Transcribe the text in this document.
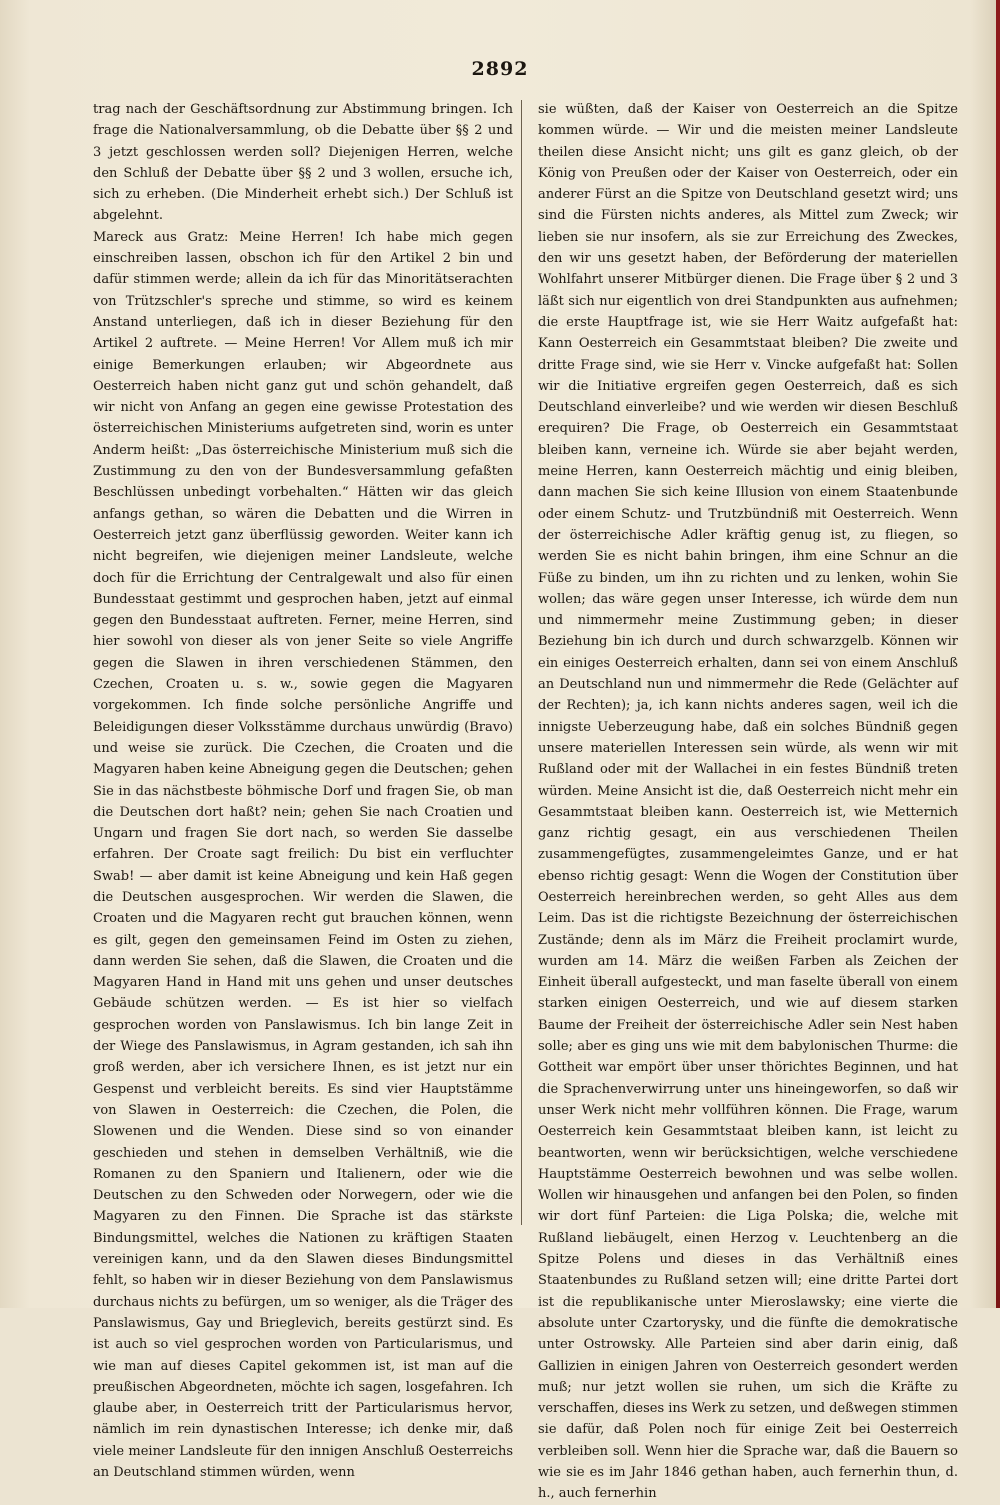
2892

trag nach der Geschäftsordnung zur Abstimmung bringen. Ich frage die Nationalversammlung, ob die Debatte über §§ 2 und 3 jetzt geschlossen werden soll? Diejenigen Herren, welche den Schluß der Debatte über §§ 2 und 3 wollen, ersuche ich, sich zu erheben. (Die Minderheit erhebt sich.) Der Schluß ist abgelehnt.

Mareck aus Gratz: Meine Herren! Ich habe mich gegen einschreiben lassen, obschon ich für den Artikel 2 bin und dafür stimmen werde; allein da ich für das Minoritätserachten von Trützschler's spreche und stimme, so wird es keinem Anstand unterliegen, daß ich in dieser Beziehung für den Artikel 2 auftrete. — Meine Herren! Vor Allem muß ich mir einige Bemerkungen erlauben; wir Abgeordnete aus Oesterreich haben nicht ganz gut und schön gehandelt, daß wir nicht von Anfang an gegen eine gewisse Protestation des österreichischen Ministeriums aufgetreten sind, worin es unter Anderm heißt: „Das österreichische Ministerium muß sich die Zustimmung zu den von der Bundesversammlung gefaßten Beschlüssen unbedingt vorbehalten.“ Hätten wir das gleich anfangs gethan, so wären die Debatten und die Wirren in Oesterreich jetzt ganz überflüssig geworden. Weiter kann ich nicht begreifen, wie diejenigen meiner Landsleute, welche doch für die Errichtung der Centralgewalt und also für einen Bundesstaat gestimmt und gesprochen haben, jetzt auf einmal gegen den Bundesstaat auftreten. Ferner, meine Herren, sind hier sowohl von dieser als von jener Seite so viele Angriffe gegen die Slawen in ihren verschiedenen Stämmen, den Czechen, Croaten u. s. w., sowie gegen die Magyaren vorgekommen. Ich finde solche persönliche Angriffe und Beleidigungen dieser Volksstämme durchaus unwürdig (Bravo) und weise sie zurück. Die Czechen, die Croaten und die Magyaren haben keine Abneigung gegen die Deutschen; gehen Sie in das nächstbeste böhmische Dorf und fragen Sie, ob man die Deutschen dort haßt? nein; gehen Sie nach Croatien und Ungarn und fragen Sie dort nach, so werden Sie dasselbe erfahren. Der Croate sagt freilich: Du bist ein verfluchter Swab! — aber damit ist keine Abneigung und kein Haß gegen die Deutschen ausgesprochen. Wir werden die Slawen, die Croaten und die Magyaren recht gut brauchen können, wenn es gilt, gegen den gemeinsamen Feind im Osten zu ziehen, dann werden Sie sehen, daß die Slawen, die Croaten und die Magyaren Hand in Hand mit uns gehen und unser deutsches Gebäude schützen werden. — Es ist hier so vielfach gesprochen worden von Panslawismus. Ich bin lange Zeit in der Wiege des Panslawismus, in Agram gestanden, ich sah ihn groß werden, aber ich versichere Ihnen, es ist jetzt nur ein Gespenst und verbleicht bereits. Es sind vier Hauptstämme von Slawen in Oesterreich: die Czechen, die Polen, die Slowenen und die Wenden. Diese sind so von einander geschieden und stehen in demselben Verhältniß, wie die Romanen zu den Spaniern und Italienern, oder wie die Deutschen zu den Schweden oder Norwegern, oder wie die Magyaren zu den Finnen. Die Sprache ist das stärkste Bindungsmittel, welches die Nationen zu kräftigen Staaten vereinigen kann, und da den Slawen dieses Bindungsmittel fehlt, so haben wir in dieser Beziehung von dem Panslawismus durchaus nichts zu befürgen, um so weniger, als die Träger des Panslawismus, Gay und Brieglevich, bereits gestürzt sind. Es ist auch so viel gesprochen worden von Particularismus, und wie man auf dieses Capitel gekommen ist, ist man auf die preußischen Abgeordneten, möchte ich sagen, losgefahren. Ich glaube aber, in Oesterreich tritt der Particularismus hervor, nämlich im rein dynastischen Interesse; ich denke mir, daß viele meiner Landsleute für den innigen Anschluß Oesterreichs an Deutschland stimmen würden, wenn

sie wüßten, daß der Kaiser von Oesterreich an die Spitze kommen würde. — Wir und die meisten meiner Landsleute theilen diese Ansicht nicht; uns gilt es ganz gleich, ob der König von Preußen oder der Kaiser von Oesterreich, oder ein anderer Fürst an die Spitze von Deutschland gesetzt wird; uns sind die Fürsten nichts anderes, als Mittel zum Zweck; wir lieben sie nur insofern, als sie zur Erreichung des Zweckes, den wir uns gesetzt haben, der Beförderung der materiellen Wohlfahrt unserer Mitbürger dienen. Die Frage über § 2 und 3 läßt sich nur eigentlich von drei Standpunkten aus aufnehmen; die erste Hauptfrage ist, wie sie Herr Waitz aufgefaßt hat: Kann Oesterreich ein Gesammtstaat bleiben? Die zweite und dritte Frage sind, wie sie Herr v. Vincke aufgefaßt hat: Sollen wir die Initiative ergreifen gegen Oesterreich, daß es sich Deutschland einverleibe? und wie werden wir diesen Beschluß erequiren? Die Frage, ob Oesterreich ein Gesammtstaat bleiben kann, verneine ich. Würde sie aber bejaht werden, meine Herren, kann Oesterreich mächtig und einig bleiben, dann machen Sie sich keine Illusion von einem Staatenbunde oder einem Schutz- und Trutzbündniß mit Oesterreich. Wenn der österreichische Adler kräftig genug ist, zu fliegen, so werden Sie es nicht bahin bringen, ihm eine Schnur an die Füße zu binden, um ihn zu richten und zu lenken, wohin Sie wollen; das wäre gegen unser Interesse, ich würde dem nun und nimmermehr meine Zustimmung geben; in dieser Beziehung bin ich durch und durch schwarzgelb. Können wir ein einiges Oesterreich erhalten, dann sei von einem Anschluß an Deutschland nun und nimmermehr die Rede (Gelächter auf der Rechten); ja, ich kann nichts anderes sagen, weil ich die innigste Ueberzeugung habe, daß ein solches Bündniß gegen unsere materiellen Interessen sein würde, als wenn wir mit Rußland oder mit der Wallachei in ein festes Bündniß treten würden. Meine Ansicht ist die, daß Oesterreich nicht mehr ein Gesammtstaat bleiben kann. Oesterreich ist, wie Metternich ganz richtig gesagt, ein aus verschiedenen Theilen zusammengefügtes, zusammengeleimtes Ganze, und er hat ebenso richtig gesagt: Wenn die Wogen der Constitution über Oesterreich hereinbrechen werden, so geht Alles aus dem Leim. Das ist die richtigste Bezeichnung der österreichischen Zustände; denn als im März die Freiheit proclamirt wurde, wurden am 14. März die weißen Farben als Zeichen der Einheit überall aufgesteckt, und man faselte überall von einem starken einigen Oesterreich, und wie auf diesem starken Baume der Freiheit der österreichische Adler sein Nest haben solle; aber es ging uns wie mit dem babylonischen Thurme: die Gottheit war empört über unser thörichtes Beginnen, und hat die Sprachenverwirrung unter uns hineingeworfen, so daß wir unser Werk nicht mehr vollführen können. Die Frage, warum Oesterreich kein Gesammtstaat bleiben kann, ist leicht zu beantworten, wenn wir berücksichtigen, welche verschiedene Hauptstämme Oesterreich bewohnen und was selbe wollen. Wollen wir hinausgehen und anfangen bei den Polen, so finden wir dort fünf Parteien: die Liga Polska; die, welche mit Rußland liebäugelt, einen Herzog v. Leuchtenberg an die Spitze Polens und dieses in das Verhältniß eines Staatenbundes zu Rußland setzen will; eine dritte Partei dort ist die republikanische unter Mieroslawsky; eine vierte die absolute unter Czartorysky, und die fünfte die demokratische unter Ostrowsky. Alle Parteien sind aber darin einig, daß Gallizien in einigen Jahren von Oesterreich gesondert werden muß; nur jetzt wollen sie ruhen, um sich die Kräfte zu verschaffen, dieses ins Werk zu setzen, und deßwegen stimmen sie dafür, daß Polen noch für einige Zeit bei Oesterreich verbleiben soll. Wenn hier die Sprache war, daß die Bauern so wie sie es im Jahr 1846 gethan haben, auch fernerhin thun, d. h., auch fernerhin
